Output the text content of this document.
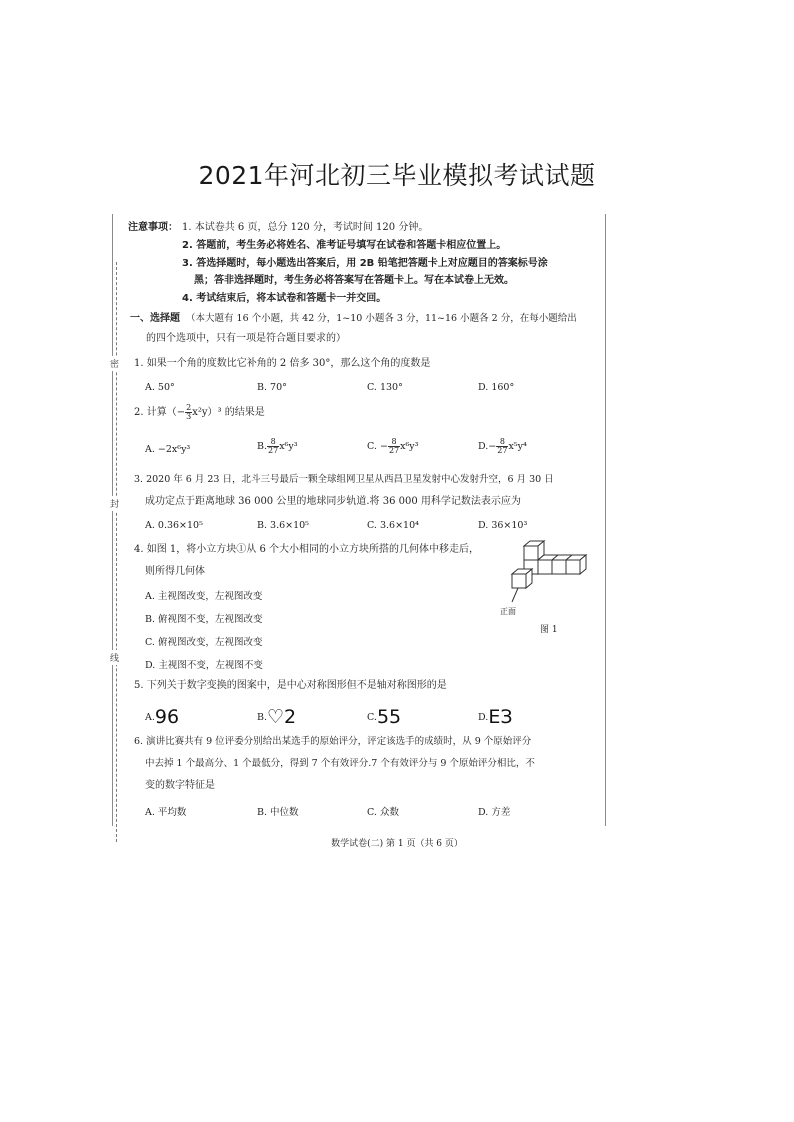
2021年河北初三毕业模拟考试试题
密
封
线
注意事项： 1. 本试卷共 6 页，总分 120 分，考试时间 120 分钟。
2. 答题前，考生务必将姓名、准考证号填写在试卷和答题卡相应位置上。
3. 答选择题时，每小题选出答案后，用 2B 铅笔把答题卡上对应题目的答案标号涂
黑；答非选择题时，考生务必将答案写在答题卡上。写在本试卷上无效。
4. 考试结束后，将本试卷和答题卡一并交回。
一、选择题 （本大题有 16 个小题，共 42 分，1~10 小题各 3 分，11~16 小题各 2 分，在每小题给出
的四个选项中，只有一项是符合题目要求的）
1. 如果一个角的度数比它补角的 2 倍多 30°，那么这个角的度数是
A. 50°	B. 70°	C. 130°	D. 160°
2. 计算（− $\frac{2}{3} x^2y)^3$ 的结果是
A. −2x⁶y³	B. $\frac{8}{27} x^6y^3$	C. − $\frac{8}{27} x^6y^3$	$D.- \frac{8}{27} x^5y^4$
3. 2020 年 6 月 23 日，北斗三号最后一颗全球组网卫星从西昌卫星发射中心发射升空，6 月 30 日
成功定点于距离地球 36 000 公里的地球同步轨道.将 36 000 用科学记数法表示应为
A. 0.36×10⁵	B. 3.6×10⁵	C. 3.6×10⁴	D. 36×10³
4. 如图 1，将小立方块①从 6 个大小相同的小立方块所搭的几何体中移走后，
则所得几何体
A. 主视图改变，左视图改变
B. 俯视图不变，左视图改变
C. 俯视图改变，左视图改变
D. 主视图不变，左视图不变
正面
图 1
5. 下列关于数字变换的图案中，是中心对称图形但不是轴对称图形的是
A.96	B.♡2	C.55	D.ЕЗ
6. 演讲比赛共有 9 位评委分别给出某选手的原始评分，评定该选手的成绩时，从 9 个原始评分
中去掉 1 个最高分、1 个最低分，得到 7 个有效评分.7 个有效评分与 9 个原始评分相比，不
变的数字特征是
A. 平均数	B. 中位数	C. 众数	D. 方差
数学试卷(二) 第 1 页（共 6 页）
